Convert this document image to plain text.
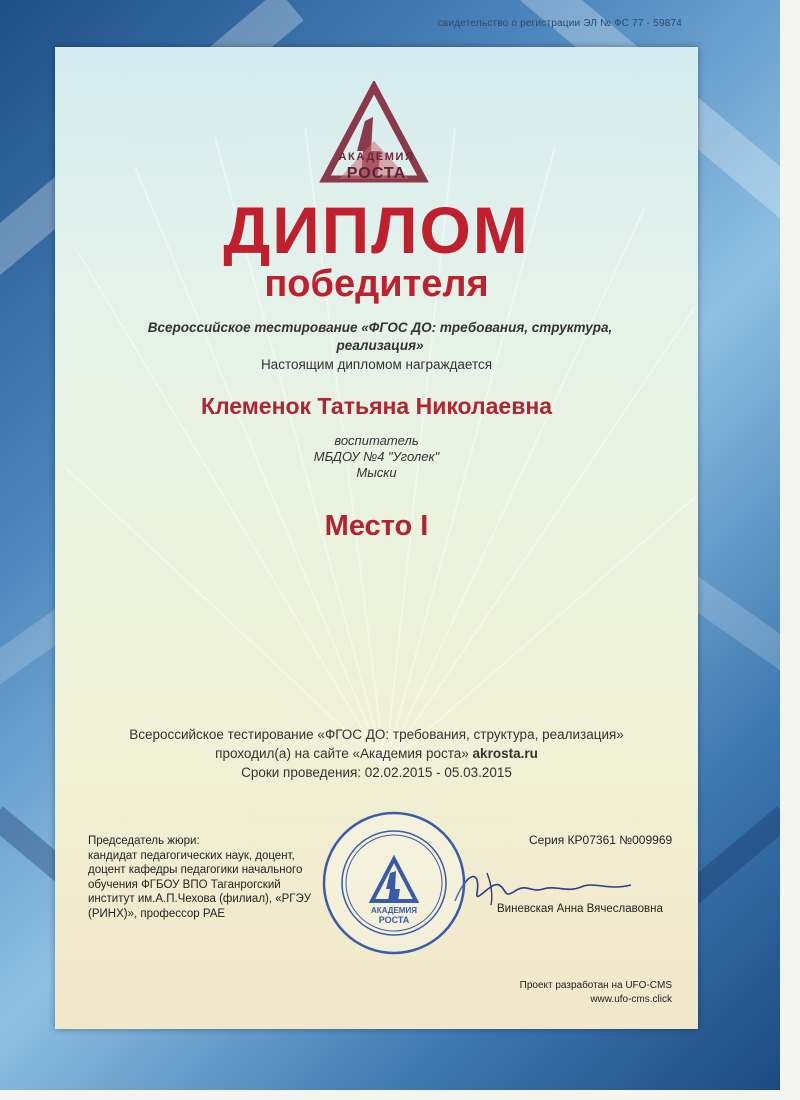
свидетельство о регистрации ЭЛ № ФС 77 - 59874
АКАДЕМИЯ
РОСТА
ДИПЛОМ
победителя
Всероссийское тестирование «ФГОС ДО: требования, структура, реализация»
Настоящим дипломом награждается
Клеменок Татьяна Николаевна
воспитатель
МБДОУ №4 "Уголек"
Мыски
Место I
Всероссийское тестирование «ФГОС ДО: требования, структура, реализация»
проходил(а) на сайте «Академия роста» akrosta.ru
Сроки проведения: 02.02.2015 - 05.03.2015
Председатель жюри:
кандидат педагогических наук, доцент,
доцент кафедры педагогики начального
обучения ФГБОУ ВПО Таганрогский
институт им.А.П.Чехова (филиал), «РГЭУ
(РИНХ)», профессор РАЕ
Серия КР07361 №009969
Виневская Анна Вячеславовна
АКАДЕМИЯ
РОСТА
Проект разработан на UFO-CMS
www.ufo-cms.click
